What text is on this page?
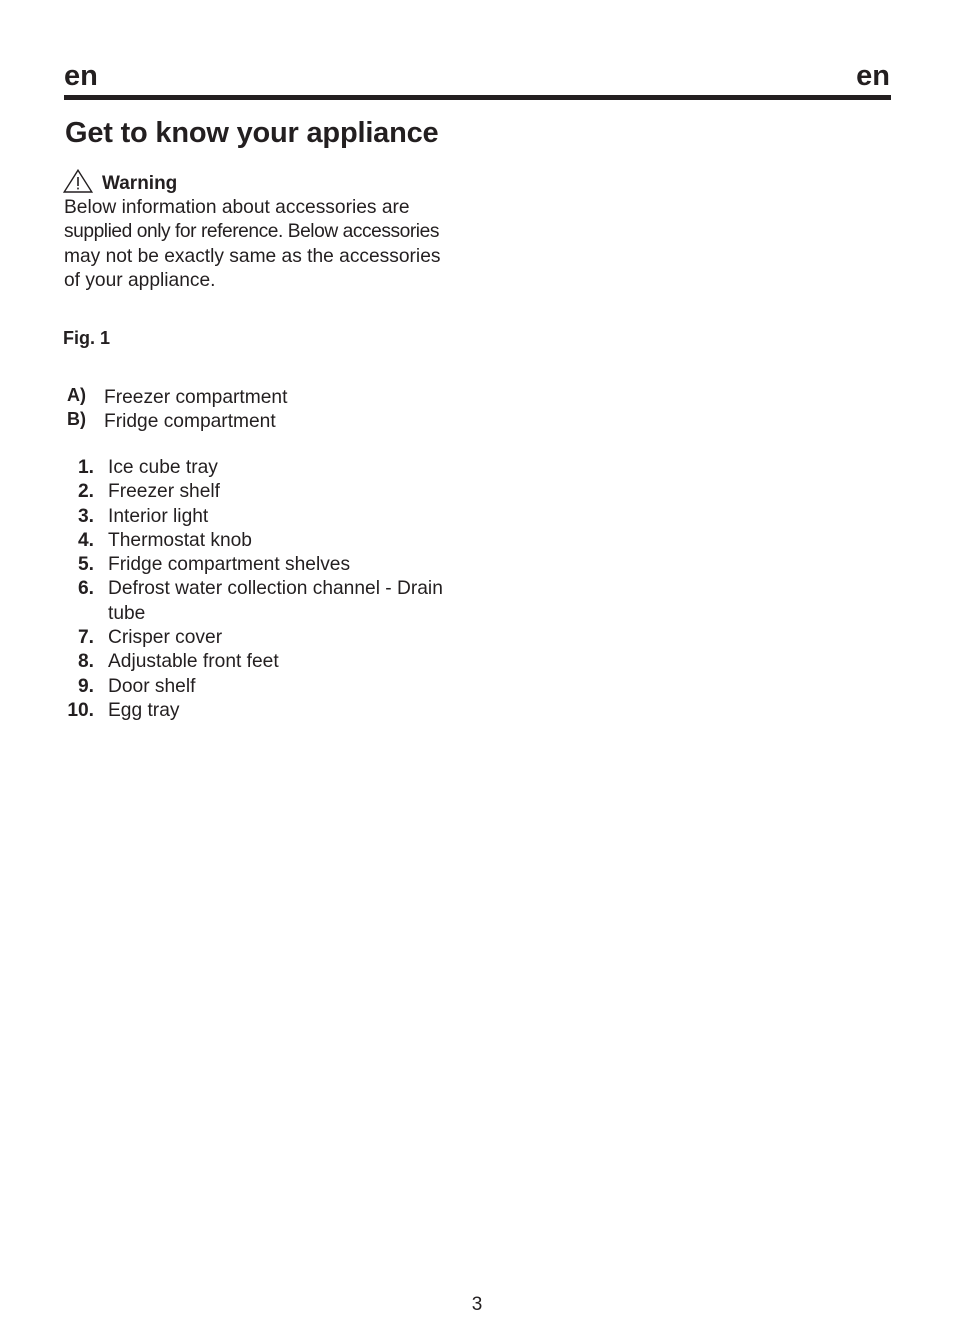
en	en
Get to know your appliance
Warning

Below information about accessories are
supplied only for reference. Below accessories
may not be exactly same as the accessories
of your appliance.

Fig. 1
A) Freezer compartment
B) Fridge compartment
1. Ice cube tray
2. Freezer shelf
3. Interior light
4. Thermostat knob
5. Fridge compartment shelves
6. Defrost water collection channel - Drain tube
7. Crisper cover
8. Adjustable front feet
9. Door shelf
10. Egg tray
3
